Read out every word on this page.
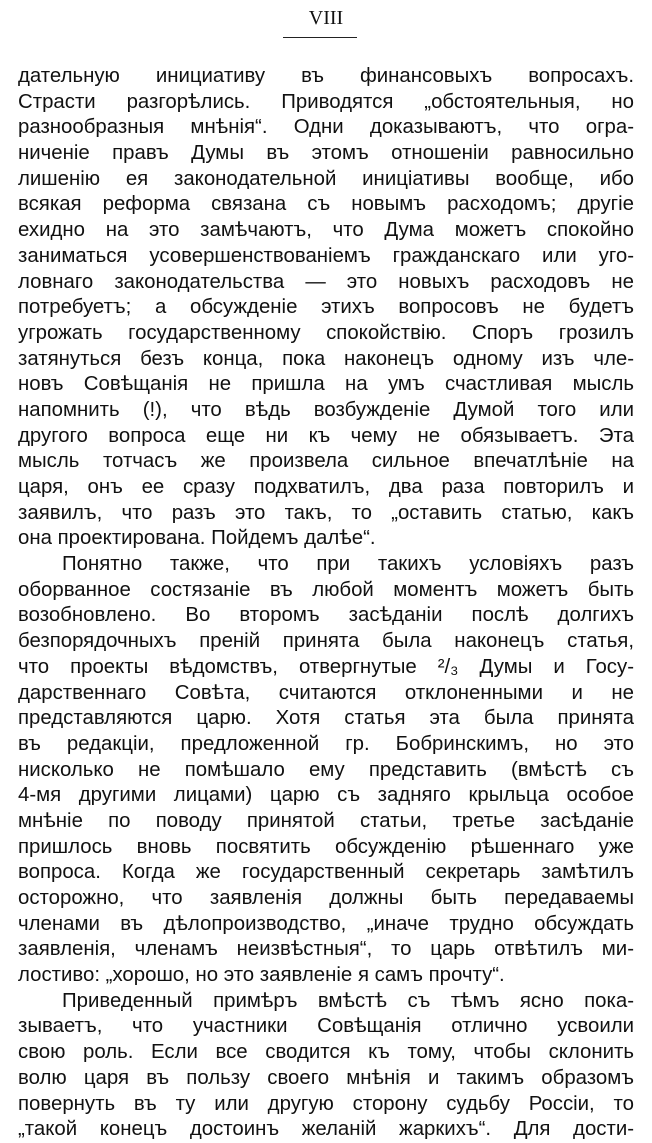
VIII
дательную инициативу въ финансовыхъ вопросахъ.
Страсти разгорѣлись. Приводятся „обстоятельныя, но
разнообразныя мнѣнія“. Одни доказываютъ, что огра-
ниченіе правъ Думы въ этомъ отношеніи равносильно
лишенію ея законодательной иниціативы вообще, ибо
всякая реформа связана съ новымъ расходомъ; другіе
ехидно на это замѣчаютъ, что Дума можетъ спокойно
заниматься усовершенствованіемъ гражданскаго или уго-
ловнаго законодательства — это новыхъ расходовъ не
потребуетъ; а обсужденіе этихъ вопросовъ не будетъ
угрожать государственному спокойствію. Споръ грозилъ
затянуться безъ конца, пока наконецъ одному изъ чле-
новъ Совѣщанія не пришла на умъ счастливая мысль
напомнить (!), что вѣдь возбужденіе Думой того или
другого вопроса еще ни къ чему не обязываетъ. Эта
мысль тотчасъ же произвела сильное впечатлѣніе на
царя, онъ ее сразу подхватилъ, два раза повторилъ и
заявилъ, что разъ это такъ, то „оставить статью, какъ
она проектирована. Пойдемъ далѣе“.
Понятно также, что при такихъ условіяхъ разъ
оборванное состязаніе въ любой моментъ можетъ быть
возобновлено. Во второмъ засѣданіи послѣ долгихъ
безпорядочныхъ преній принята была наконецъ статья,
что проекты вѣдомствъ, отвергнутые ²/₃ Думы и Госу-
дарственнаго Совѣта, считаются отклоненными и не
представляются царю. Хотя статья эта была принята
въ редакціи, предложенной гр. Бобринскимъ, но это
нисколько не помѣшало ему представить (вмѣстѣ съ
4-мя другими лицами) царю съ задняго крыльца особое
мнѣніе по поводу принятой статьи, третье засѣданіе
пришлось вновь посвятить обсужденію рѣшеннаго уже
вопроса. Когда же государственный секретарь замѣтилъ
осторожно, что заявленія должны быть передаваемы
членами въ дѣлопроизводство, „иначе трудно обсуждать
заявленія, членамъ неизвѣстныя“, то царь отвѣтилъ ми-
лостиво: „хорошо, но это заявленіе я самъ прочту“.
Приведенный примѣръ вмѣстѣ съ тѣмъ ясно пока-
зываетъ, что участники Совѣщанія отлично усвоили
свою роль. Если все сводится къ тому, чтобы склонить
волю царя въ пользу своего мнѣнія и такимъ образомъ
повернуть въ ту или другую сторону судьбу Россіи, то
„такой конецъ достоинъ желаній жаркихъ“. Для дости-
